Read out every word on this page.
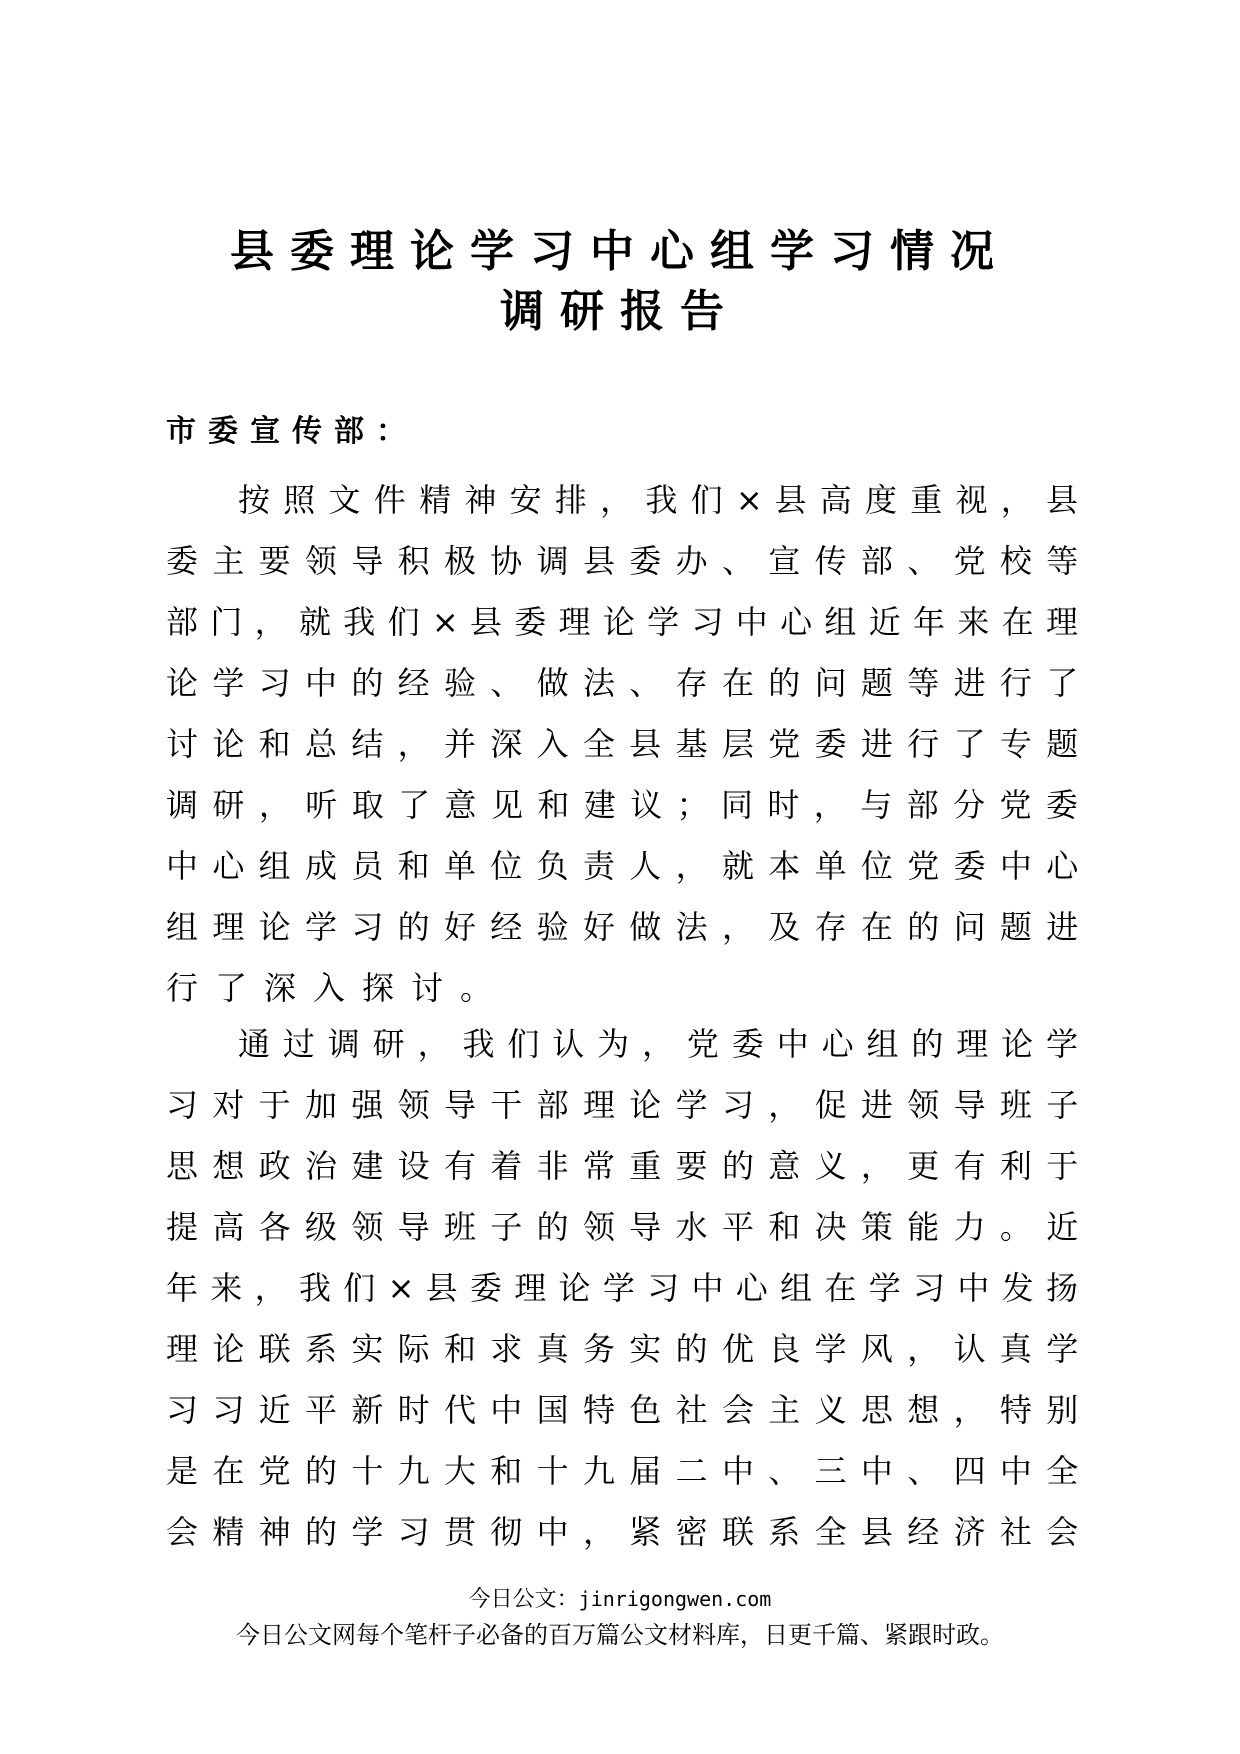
县委理论学习中心组学习情况
调研报告
市委宣传部：
按 照 文 件 精 神 安 排 ， 我 们 × 县 高 度 重 视 ， 县
委 主 要 领 导 积 极 协 调 县 委 办 、 宣 传 部 、 党 校 等
部 门 ， 就 我 们 × 县 委 理 论 学 习 中 心 组 近 年 来 在 理
论 学 习 中 的 经 验 、 做 法 、 存 在 的 问 题 等 进 行 了
讨 论 和 总 结 ， 并 深 入 全 县 基 层 党 委 进 行 了 专 题
调 研 ， 听 取 了 意 见 和 建 议 ； 同 时 ， 与 部 分 党 委
中 心 组 成 员 和 单 位 负 责 人 ， 就 本 单 位 党 委 中 心
组 理 论 学 习 的 好 经 验 好 做 法 ， 及 存 在 的 问 题 进
行了深入探讨。
通 过 调 研 ， 我 们 认 为 ， 党 委 中 心 组 的 理 论 学
习 对 于 加 强 领 导 干 部 理 论 学 习 ， 促 进 领 导 班 子
思 想 政 治 建 设 有 着 非 常 重 要 的 意 义 ， 更 有 利 于
提 高 各 级 领 导 班 子 的 领 导 水 平 和 决 策 能 力 。 近
年 来 ， 我 们 × 县 委 理 论 学 习 中 心 组 在 学 习 中 发 扬
理 论 联 系 实 际 和 求 真 务 实 的 优 良 学 风 ， 认 真 学
习 习 近 平 新 时 代 中 国 特 色 社 会 主 义 思 想 ， 特 别
是 在 党 的 十 九 大 和 十 九 届 二 中 、 三 中 、 四 中 全
会 精 神 的 学 习 贯 彻 中 ， 紧 密 联 系 全 县 经 济 社 会
今日公文：jinrigongwen.com
今日公文网每个笔杆子必备的百万篇公文材料库，日更千篇、紧跟时政。
